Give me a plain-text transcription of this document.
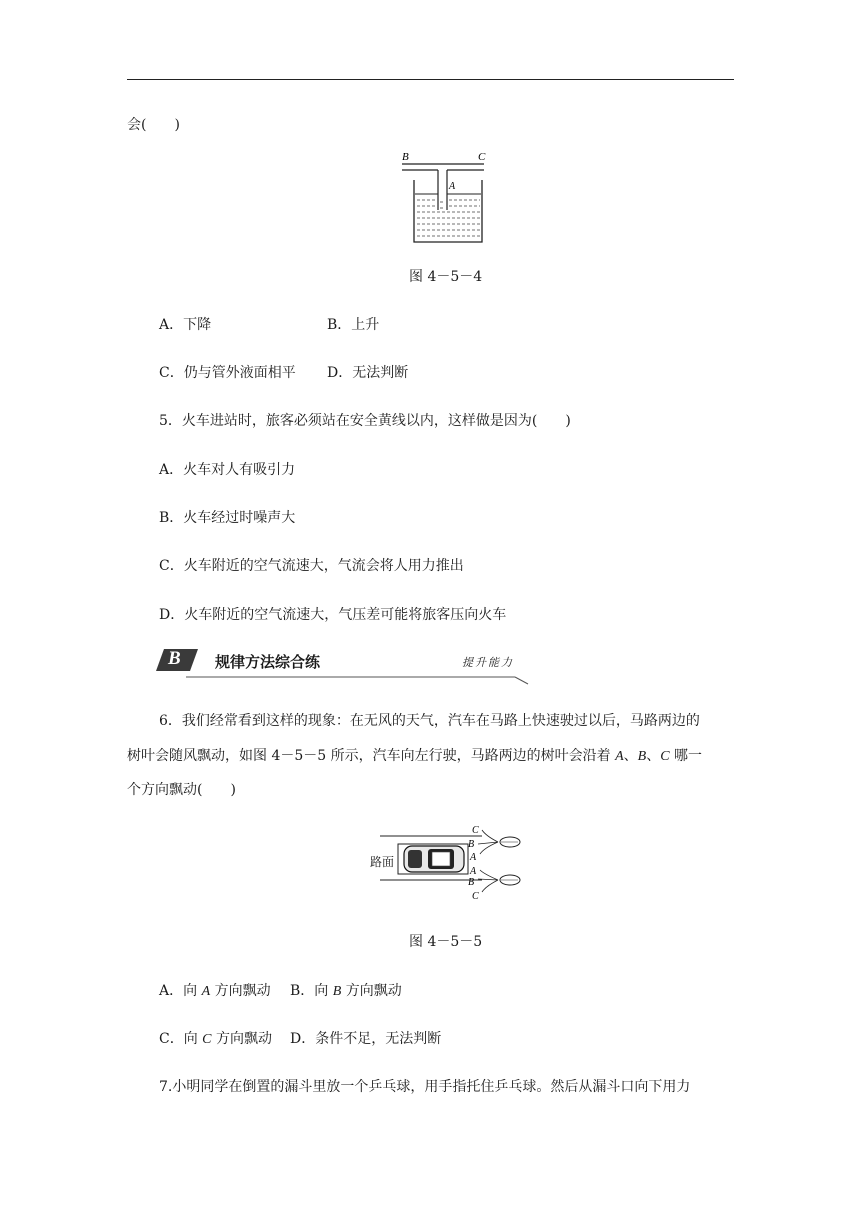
会(　　)
B	C
A
图 4－5－4
A．下降	B．上升
C．仍与管外液面相平 D．无法判断
5．火车进站时，旅客必须站在安全黄线以内，这样做是因为(　　)
A．火车对人有吸引力
B．火车经过时噪声大
C．火车附近的空气流速大，气流会将人用力推出
D．火车附近的空气流速大，气压差可能将旅客压向火车
B 规律方法综合练	提升能力
6．我们经常看到这样的现象：在无风的天气，汽车在马路上快速驶过以后，马路两边的
树叶会随风飘动，如图 4－5－5 所示，汽车向左行驶，马路两边的树叶会沿着 A、B、C 哪一
个方向飘动(　　)
C
B
A
A
B
C
路面
图 4－5－5
A．向 A 方向飘动 B．向 B 方向飘动
C．向 C 方向飘动 D．条件不足，无法判断
7.小明同学在倒置的漏斗里放一个乒乓球，用手指托住乒乓球。然后从漏斗口向下用力
